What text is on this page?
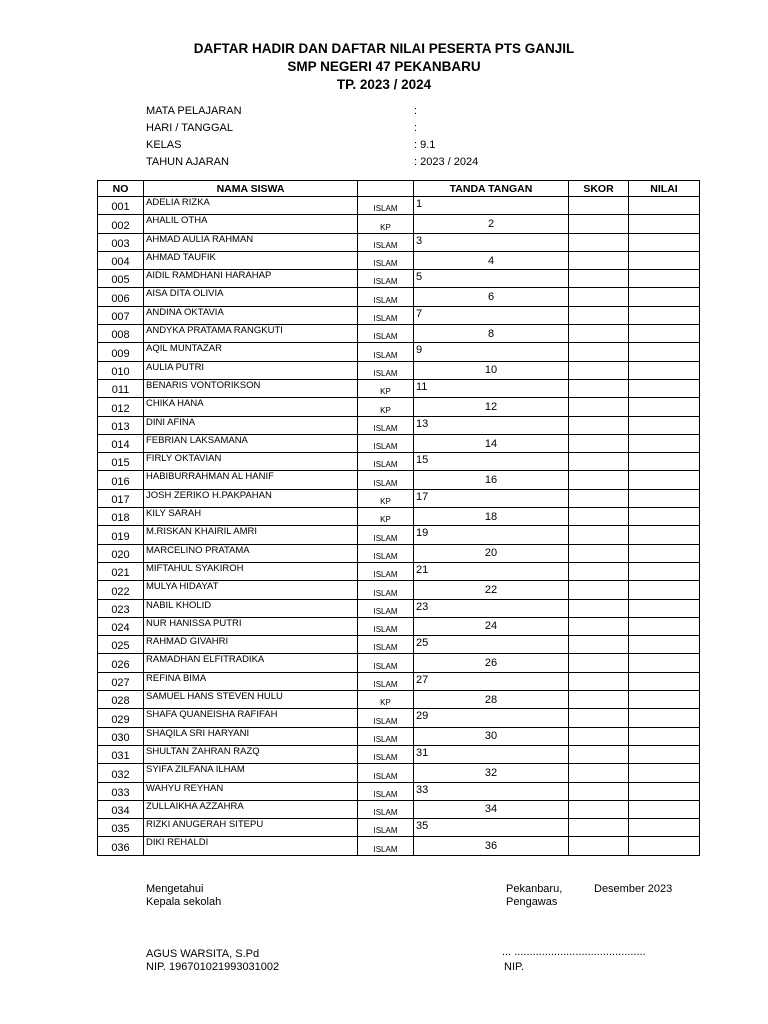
DAFTAR HADIR DAN DAFTAR NILAI PESERTA PTS GANJIL
SMP NEGERI 47 PEKANBARU
TP. 2023 / 2024
MATA PELAJARAN	:
HARI / TANGGAL	:
KELAS	: 9.1
TAHUN AJARAN	: 2023 / 2024
NO	NAMA SISWA		TANDA TANGAN	SKOR	NILAI
001	ADELIA RIZKA	ISLAM	1		
002	AHALIL OTHA	KP	2		
003	AHMAD AULIA RAHMAN	ISLAM	3		
004	AHMAD TAUFIK	ISLAM	4		
005	AIDIL RAMDHANI HARAHAP	ISLAM	5		
006	AISA DITA OLIVIA	ISLAM	6		
007	ANDINA OKTAVIA	ISLAM	7		
008	ANDYKA PRATAMA RANGKUTI	ISLAM	8		
009	AQIL MUNTAZAR	ISLAM	9		
010	AULIA PUTRI	ISLAM	10		
011	BENARIS VONTORIKSON	KP	11		
012	CHIKA HANA	KP	12		
013	DINI AFINA	ISLAM	13		
014	FEBRIAN LAKSAMANA	ISLAM	14		
015	FIRLY OKTAVIAN	ISLAM	15		
016	HABIBURRAHMAN AL HANIF	ISLAM	16		
017	JOSH ZERIKO H.PAKPAHAN	KP	17		
018	KILY SARAH	KP	18		
019	M.RISKAN KHAIRIL AMRI	ISLAM	19		
020	MARCELINO PRATAMA	ISLAM	20		
021	MIFTAHUL SYAKIROH	ISLAM	21		
022	MULYA HIDAYAT	ISLAM	22		
023	NABIL KHOLID	ISLAM	23		
024	NUR HANISSA PUTRI	ISLAM	24		
025	RAHMAD GIVAHRI	ISLAM	25		
026	RAMADHAN ELFITRADIKA	ISLAM	26		
027	REFINA BIMA	ISLAM	27		
028	SAMUEL HANS STEVEN HULU	KP	28		
029	SHAFA QUANEISHA RAFIFAH	ISLAM	29		
030	SHAQILA SRI HARYANI	ISLAM	30		
031	SHULTAN ZAHRAN RAZQ	ISLAM	31		
032	SYIFA ZILFANA ILHAM	ISLAM	32		
033	WAHYU REYHAN	ISLAM	33		
034	ZULLAIKHA AZZAHRA	ISLAM	34		
035	RIZKI ANUGERAH SITEPU	ISLAM	35		
036	DIKI REHALDI	ISLAM	36		
Mengetahui
Kepala sekolah
AGUS WARSITA, S.Pd
NIP. 196701021993031002
Pekanbaru,	Desember 2023
Pengawas
... ...........................................
NIP.
